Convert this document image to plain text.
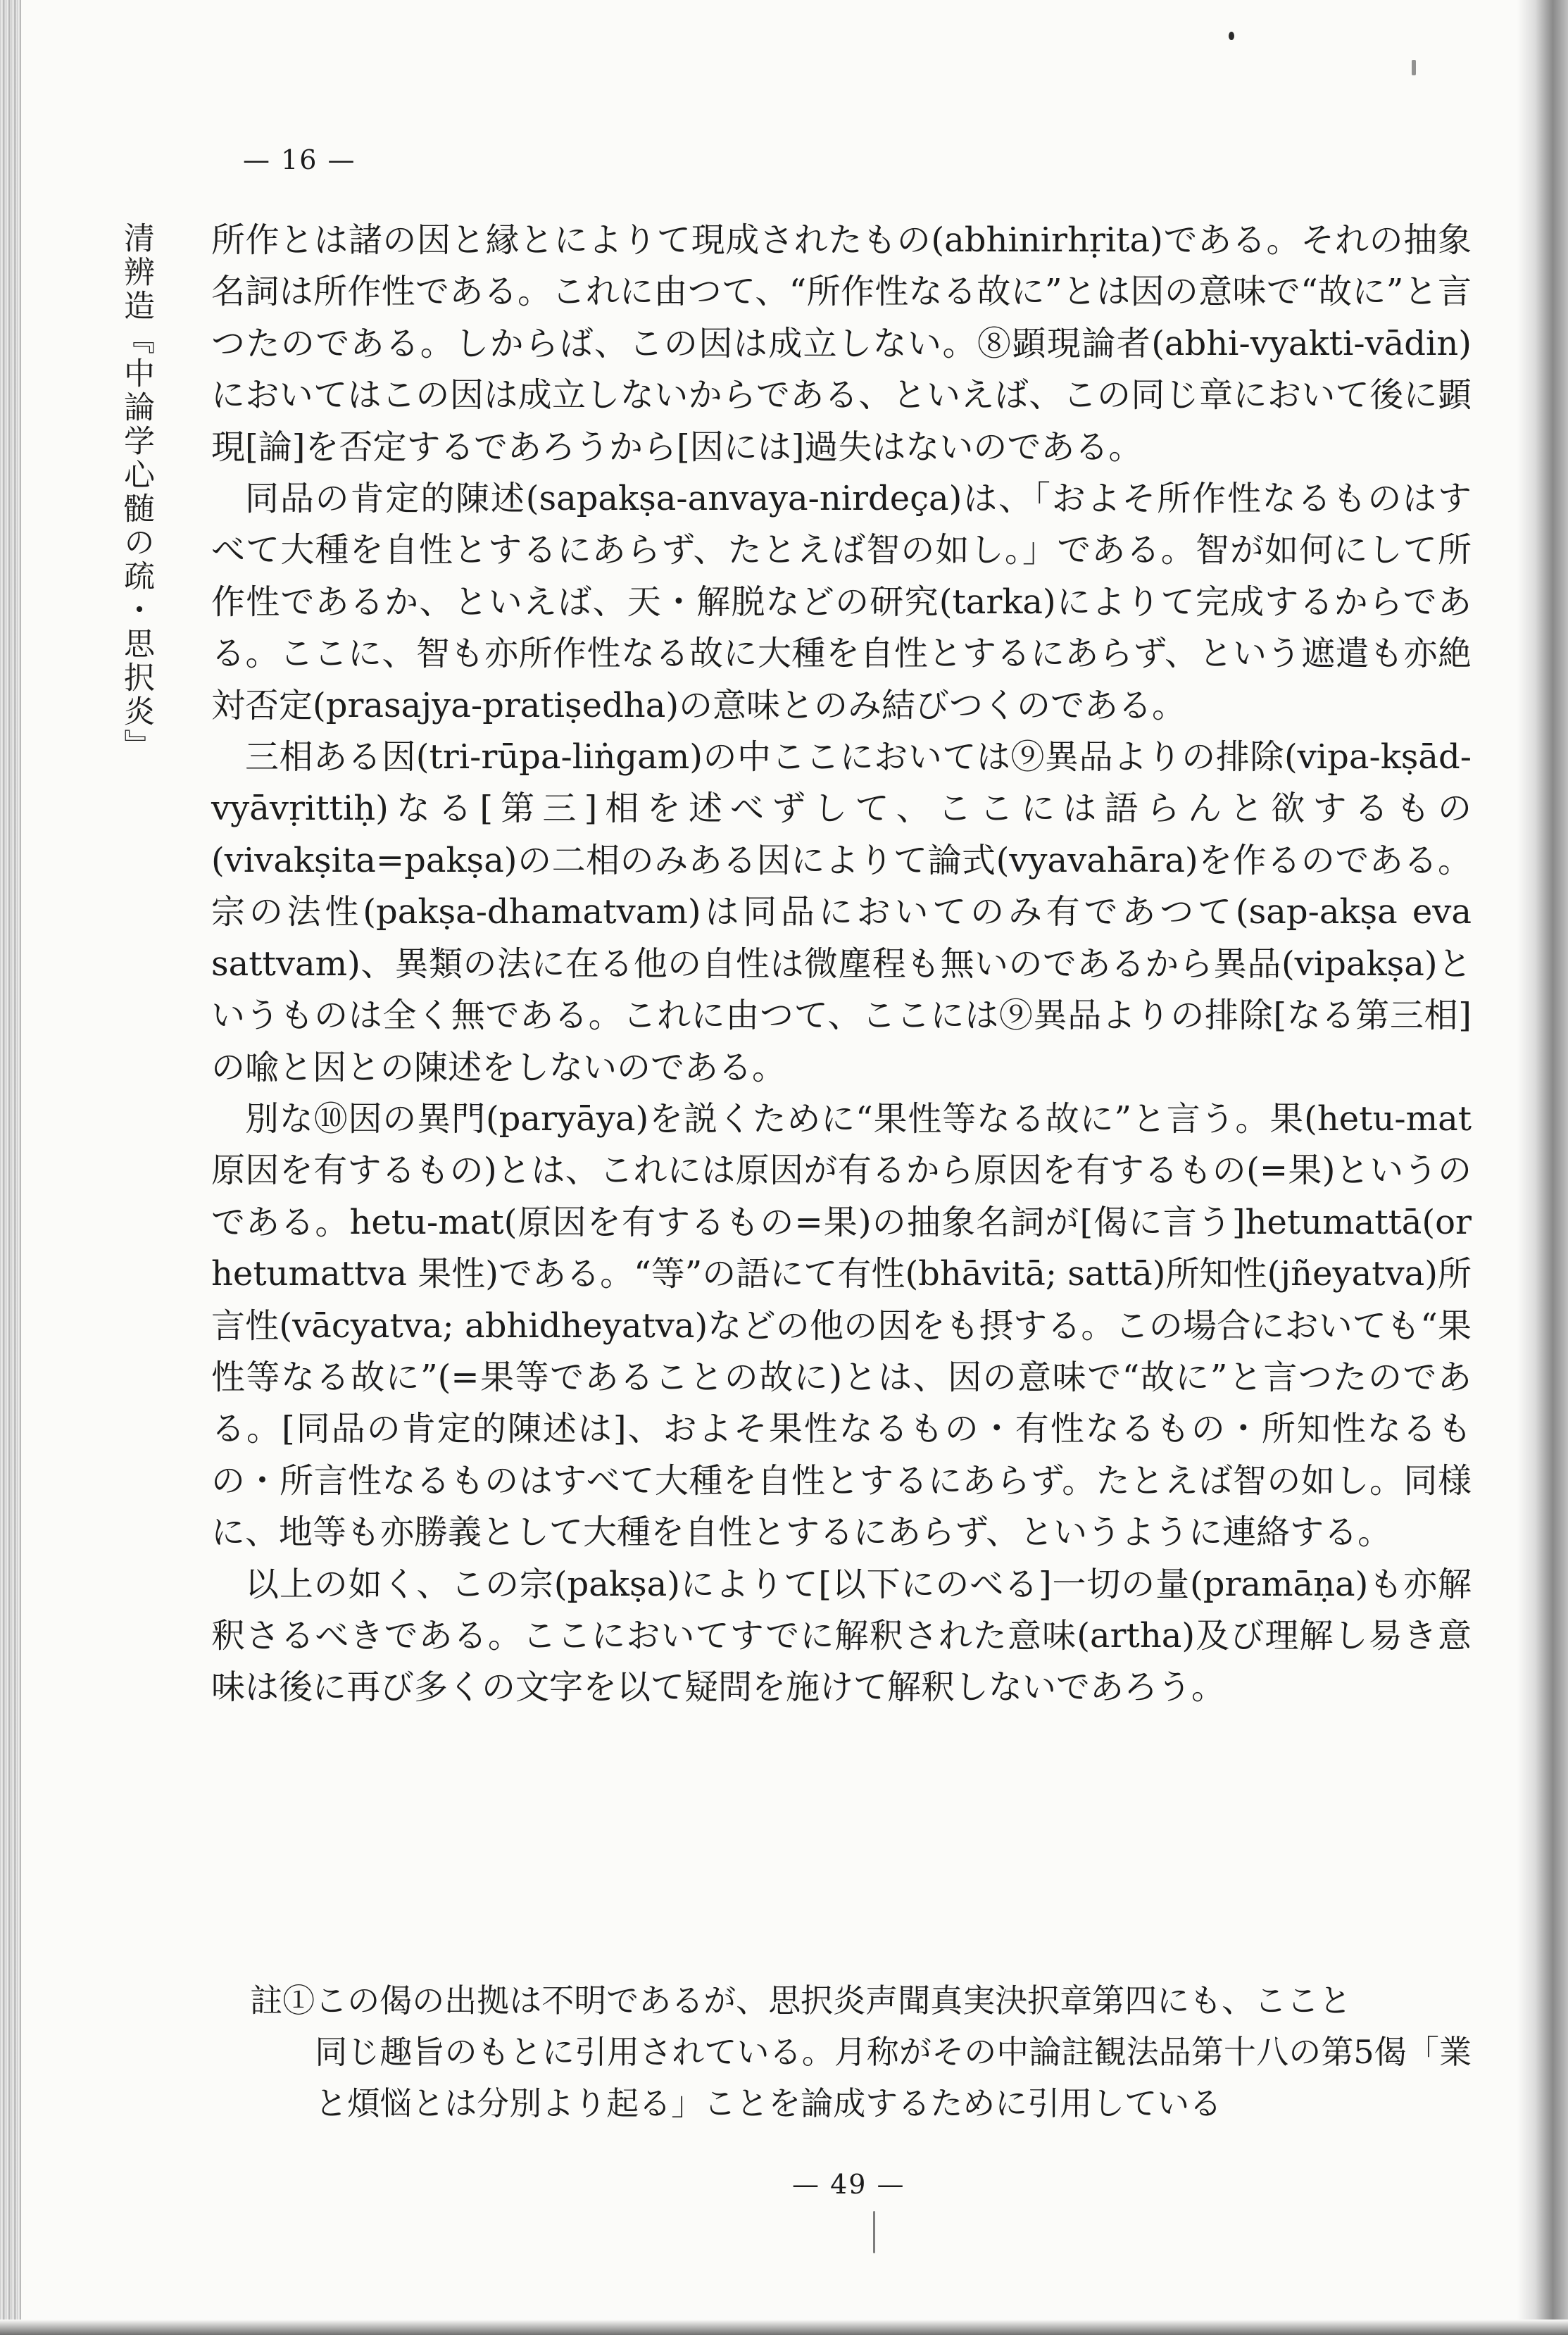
— 16 —
清辨造『中論学心髄の疏・思択炎』 所作とは諸の因と縁とによりて現成されたもの(abhinirhṛita)である。それの抽象名詞は所作性である。これに由つて、“所作性なる故に”とは因の意味で“故に”と言つたのである。しからば、この因は成立しない。⑧顕現論者(abhi-vyakti-vādin)においてはこの因は成立しないからである、といえば、この同じ章において後に顕現[論]を否定するであろうから[因には]過失はないのである。

同品の肯定的陳述(sapakṣa-anvaya-nirdeça)は、「およそ所作性なるものはすべて大種を自性とするにあらず、たとえば智の如し。」である。智が如何にして所作性であるか、といえば、天・解脱などの研究(tarka)によりて完成するからである。ここに、智も亦所作性なる故に大種を自性とするにあらず、という遮遣も亦絶対否定(prasajya-pratiṣedha)の意味とのみ結びつくのである。

三相ある因(tri-rūpa-liṅgam)の中ここにおいては⑨異品よりの排除(vipa-kṣād-vyāvṛittiḥ)なる[第三]相を述べずして、ここには語らんと欲するもの(vivakṣita=pakṣa)の二相のみある因によりて論式(vyavahāra)を作るのである。宗の法性(pakṣa-dhamatvam)は同品においてのみ有であつて(sap-akṣa eva sattvam)、異類の法に在る他の自性は微塵程も無いのであるから異品(vipakṣa)というものは全く無である。これに由つて、ここには⑨異品よりの排除[なる第三相]の喩と因との陳述をしないのである。

別な⑩因の異門(paryāya)を説くために“果性等なる故に”と言う。果(hetu-mat 原因を有するもの)とは、これには原因が有るから原因を有するもの(=果)というのである。hetu-mat(原因を有するもの=果)の抽象名詞が[偈に言う]hetumattā(or hetumattva 果性)である。“等”の語にて有性(bhāvitā; sattā)所知性(jñeyatva)所言性(vācyatva; abhidheyatva)などの他の因をも摂する。この場合においても“果性等なる故に”(=果等であることの故に)とは、因の意味で“故に”と言つたのである。[同品の肯定的陳述は]、およそ果性なるもの・有性なるもの・所知性なるもの・所言性なるものはすべて大種を自性とするにあらず。たとえば智の如し。同様に、地等も亦勝義として大種を自性とするにあらず、というように連絡する。

以上の如く、この宗(pakṣa)によりて[以下にのべる]一切の量(pramāṇa)も亦解釈さるべきである。ここにおいてすでに解釈された意味(artha)及び理解し易き意味は後に再び多くの文字を以て疑問を施けて解釈しないであろう。

註①この偈の出拠は不明であるが、思択炎声聞真実決択章第四にも、ここと
同じ趣旨のもとに引用されている。月称がその中論註観法品第十八の第5偈「業と煩悩とは分別より起る」ことを論成するために引用している
— 49 —
